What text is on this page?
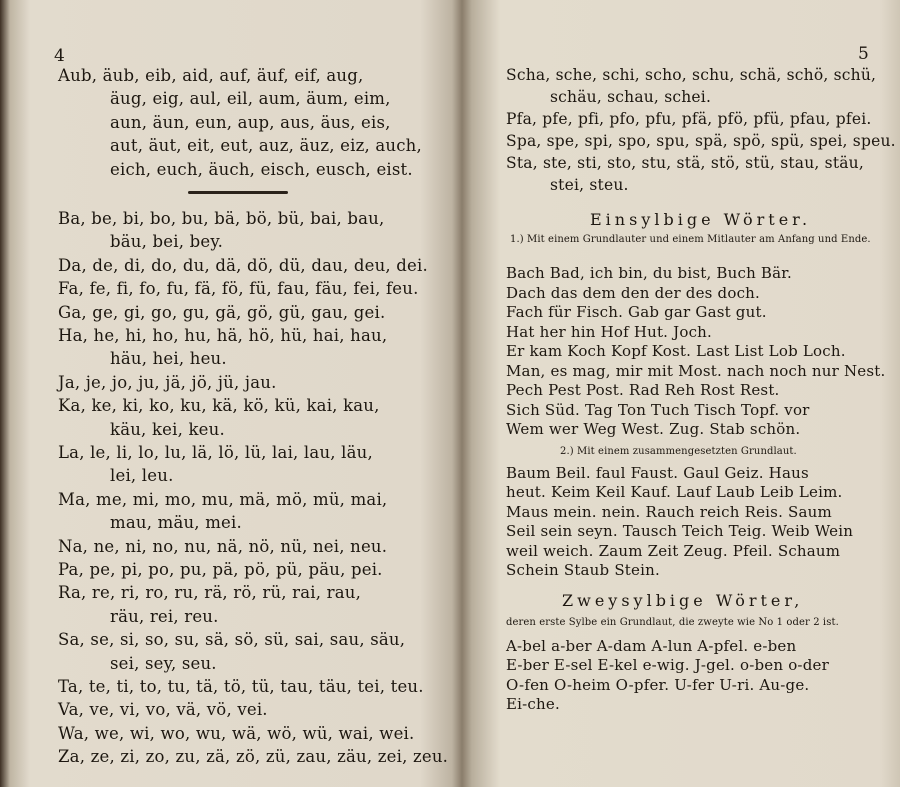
4
Aub, äub, eib, aid, auf, äuf, eif, aug,
äug, eig, aul, eil, aum, äum, eim,
aun, äun, eun, aup, aus, äus, eis,
aut, äut, eit, eut, auz, äuz, eiz, auch,
eich, euch, äuch, eisch, eusch, eist.
Ba, be, bi, bo, bu, bä, bö, bü, bai, bau,
bäu, bei, bey.
Da, de, di, do, du, dä, dö, dü, dau, deu, dei.
Fa, fe, fi, fo, fu, fä, fö, fü, fau, fäu, fei, feu.
Ga, ge, gi, go, gu, gä, gö, gü, gau, gei.
Ha, he, hi, ho, hu, hä, hö, hü, hai, hau,
häu, hei, heu.
Ja, je, jo, ju, jä, jö, jü, jau.
Ka, ke, ki, ko, ku, kä, kö, kü, kai, kau,
käu, kei, keu.
La, le, li, lo, lu, lä, lö, lü, lai, lau, läu,
lei, leu.
Ma, me, mi, mo, mu, mä, mö, mü, mai,
mau, mäu, mei.
Na, ne, ni, no, nu, nä, nö, nü, nei, neu.
Pa, pe, pi, po, pu, pä, pö, pü, päu, pei.
Ra, re, ri, ro, ru, rä, rö, rü, rai, rau,
räu, rei, reu.
Sa, se, si, so, su, sä, sö, sü, sai, sau, säu,
sei, sey, seu.
Ta, te, ti, to, tu, tä, tö, tü, tau, täu, tei, teu.
Va, ve, vi, vo, vä, vö, vei.
Wa, we, wi, wo, wu, wä, wö, wü, wai, wei.
Za, ze, zi, zo, zu, zä, zö, zü, zau, zäu, zei, zeu.
5
Scha, sche, schi, scho, schu, schä, schö, schü,
schäu, schau, schei.
Pfa, pfe, pfi, pfo, pfu, pfä, pfö, pfü, pfau, pfei.
Spa, spe, spi, spo, spu, spä, spö, spü, spei, speu.
Sta, ste, sti, sto, stu, stä, stö, stü, stau, stäu,
stei, steu.
Einsylbige Wörter.
1.) Mit einem Grundlauter und einem Mitlauter am Anfang und Ende.
Bach Bad, ich bin, du bist, Buch Bär.
Dach das dem den der des doch.
Fach für Fisch. Gab gar Gast gut.
Hat her hin Hof Hut. Joch.
Er kam Koch Kopf Kost. Last List Lob Loch.
Man, es mag, mir mit Most. nach noch nur Nest.
Pech Pest Post. Rad Reh Rost Rest.
Sich Süd. Tag Ton Tuch Tisch Topf. vor
Wem wer Weg West. Zug. Stab schön.
2.) Mit einem zusammengesetzten Grundlaut.
Baum Beil. faul Faust. Gaul Geiz. Haus
heut. Keim Keil Kauf. Lauf Laub Leib Leim.
Maus mein. nein. Rauch reich Reis. Saum
Seil sein seyn. Tausch Teich Teig. Weib Wein
weil weich. Zaum Zeit Zeug. Pfeil. Schaum
Schein Staub Stein.
Zweysylbige Wörter,
deren erste Sylbe ein Grundlaut, die zweyte wie No 1 oder 2 ist.
A-bel a-ber A-dam A-lun A-pfel. e-ben
E-ber E-sel E-kel e-wig. J-gel. o-ben o-der
O-fen O-heim O-pfer. U-fer U-ri. Au-ge.
Ei-che.
